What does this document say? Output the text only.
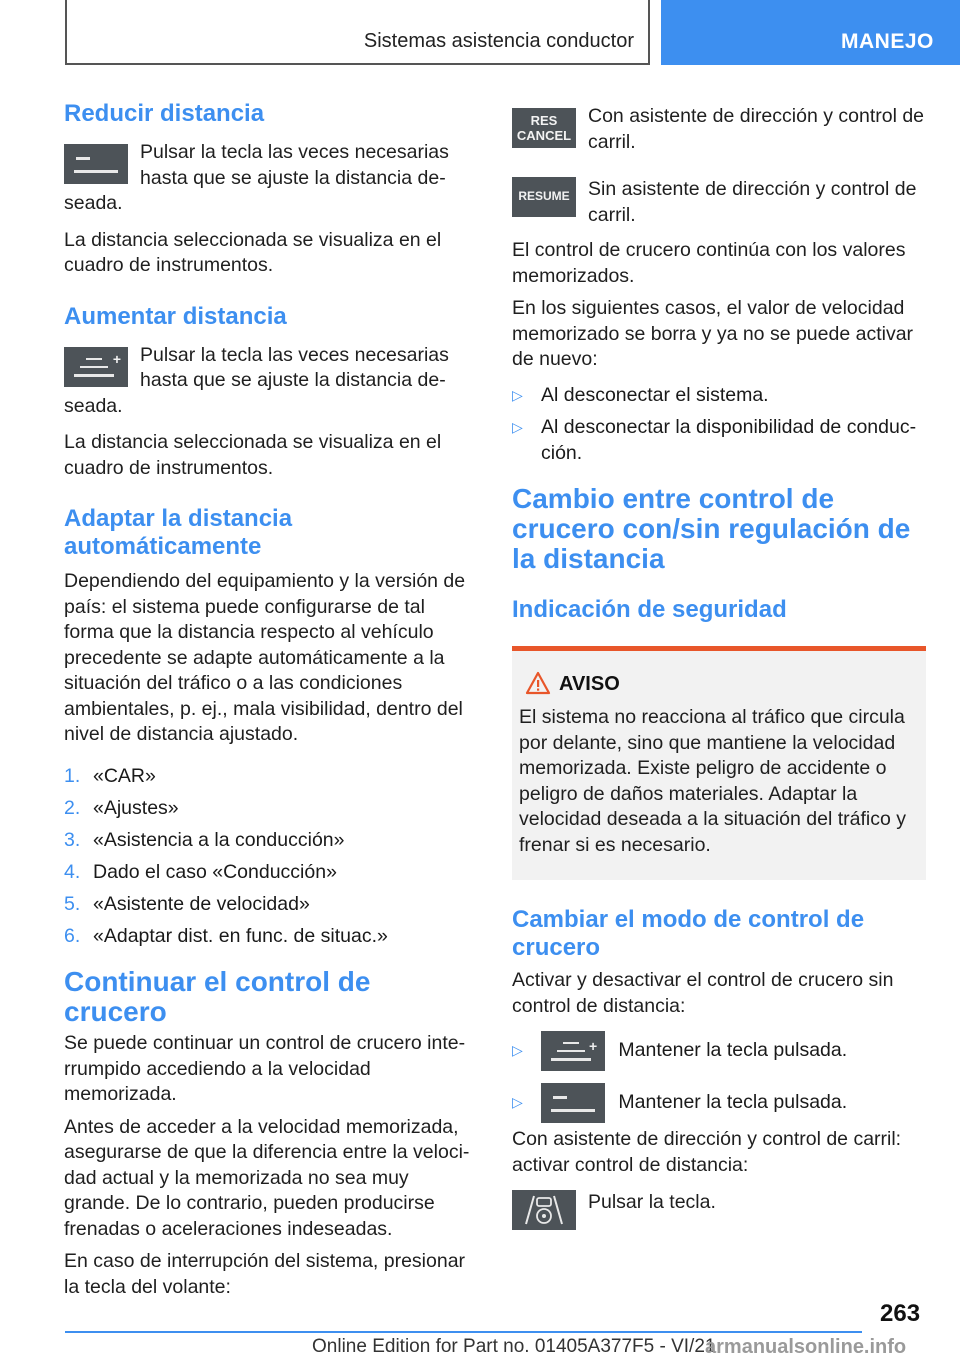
Sistemas asistencia conductor	MANEJO
Reducir distancia

Pulsar la tecla las veces necesarias hasta que se ajuste la distancia deseada.

La distancia seleccionada se visualiza en el cuadro de instrumentos.

Aumentar distancia
+ Pulsar la tecla las veces necesarias hasta que se ajuste la distancia deseada.

La distancia seleccionada se visualiza en el cuadro de instrumentos.

Adaptar la distancia automáticamente

Dependiendo del equipamiento y la versión de país: el sistema puede configurarse de tal forma que la distancia respecto al vehículo precedente se adapte automáticamente a la situación del tráfico o a las condiciones ambientales, p. ej., mala visibilidad, dentro del nivel de distancia ajustado.

1. «CAR»
2. «Ajustes»
3. «Asistencia a la conducción»
4. Dado el caso «Conducción»
5. «Asistente de velocidad»
6. «Adaptar dist. en func. de situac.»
Continuar el control de crucero

Se puede continuar un control de crucero interrumpido accediendo a la velocidad memorizada.

Antes de acceder a la velocidad memorizada, asegurarse de que la diferencia entre la velocidad actual y la memorizada no sea muy grande. De lo contrario, pueden producirse frenadas o aceleraciones indeseadas.

En caso de interrupción del sistema, presionar la tecla del volante:

RES
CANCEL

Con asistente de dirección y control de carril.

RESUME Sin asistente de dirección y control de carril.

El control de crucero continúa con los valores memorizados.

En los siguientes casos, el valor de velocidad memorizado se borra y ya no se puede activar de nuevo:

▷ Al desconectar el sistema.
▷ Al desconectar la disponibilidad de conducción.
Cambio entre control de crucero con/sin regulación de la distancia
Indicación de seguridad
AVISO

El sistema no reacciona al tráfico que circula por delante, sino que mantiene la velocidad memorizada. Existe peligro de accidente o peligro de daños materiales. Adaptar la velocidad deseada a la situación del tráfico y frenar si es necesario.

Cambiar el modo de control de crucero

Activar y desactivar el control de crucero sin control de distancia:

▷	+ Mantener la tecla pulsada.
▷	Mantener la tecla pulsada.

Con asistente de dirección y control de carril: activar control de distancia:

Pulsar la tecla.

263
Online Edition for Part no. 01405A377F5 - VI/21
armanualsonline.info
